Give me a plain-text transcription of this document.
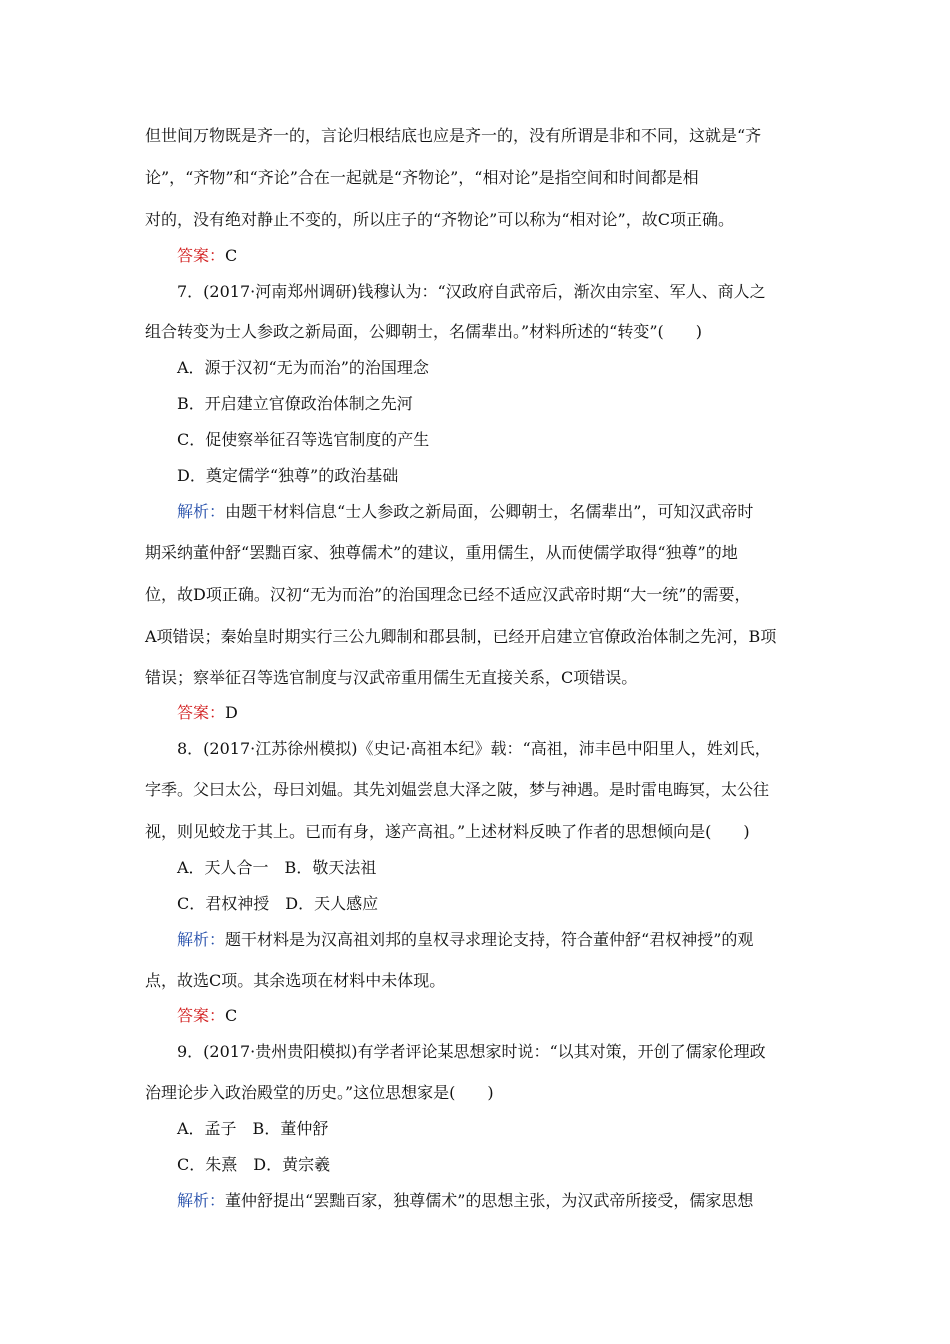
但世间万物既是齐一的，言论归根结底也应是齐一的，没有所谓是非和不同，这就是“齐
论”，“齐物”和“齐论”合在一起就是“齐物论”，“相对论”是指空间和时间都是相
对的，没有绝对静止不变的，所以庄子的“齐物论”可以称为“相对论”，故C项正确。
答案：C
7．(2017·河南郑州调研)钱穆认为：“汉政府自武帝后，渐次由宗室、军人、商人之
组合转变为士人参政之新局面，公卿朝士，名儒辈出。”材料所述的“转变”(　　)
A．源于汉初“无为而治”的治国理念
B．开启建立官僚政治体制之先河
C．促使察举征召等选官制度的产生
D．奠定儒学“独尊”的政治基础
解析：由题干材料信息“士人参政之新局面，公卿朝士，名儒辈出”，可知汉武帝时
期采纳董仲舒“罢黜百家、独尊儒术”的建议，重用儒生，从而使儒学取得“独尊”的地
位，故D项正确。汉初“无为而治”的治国理念已经不适应汉武帝时期“大一统”的需要，
A项错误；秦始皇时期实行三公九卿制和郡县制，已经开启建立官僚政治体制之先河，B项
错误；察举征召等选官制度与汉武帝重用儒生无直接关系，C项错误。
答案：D
8．(2017·江苏徐州模拟)《史记·高祖本纪》载：“高祖，沛丰邑中阳里人，姓刘氏，
字季。父曰太公，母曰刘媪。其先刘媪尝息大泽之陂，梦与神遇。是时雷电晦冥，太公往
视，则见蛟龙于其上。已而有身，遂产高祖。”上述材料反映了作者的思想倾向是(　　)
A．天人合一　B．敬天法祖
C．君权神授　D．天人感应
解析：题干材料是为汉高祖刘邦的皇权寻求理论支持，符合董仲舒“君权神授”的观
点，故选C项。其余选项在材料中未体现。
答案：C
9．(2017·贵州贵阳模拟)有学者评论某思想家时说：“以其对策，开创了儒家伦理政
治理论步入政治殿堂的历史。”这位思想家是(　　)
A．孟子　B．董仲舒
C．朱熹　D．黄宗羲
解析：董仲舒提出“罢黜百家，独尊儒术”的思想主张，为汉武帝所接受，儒家思想
